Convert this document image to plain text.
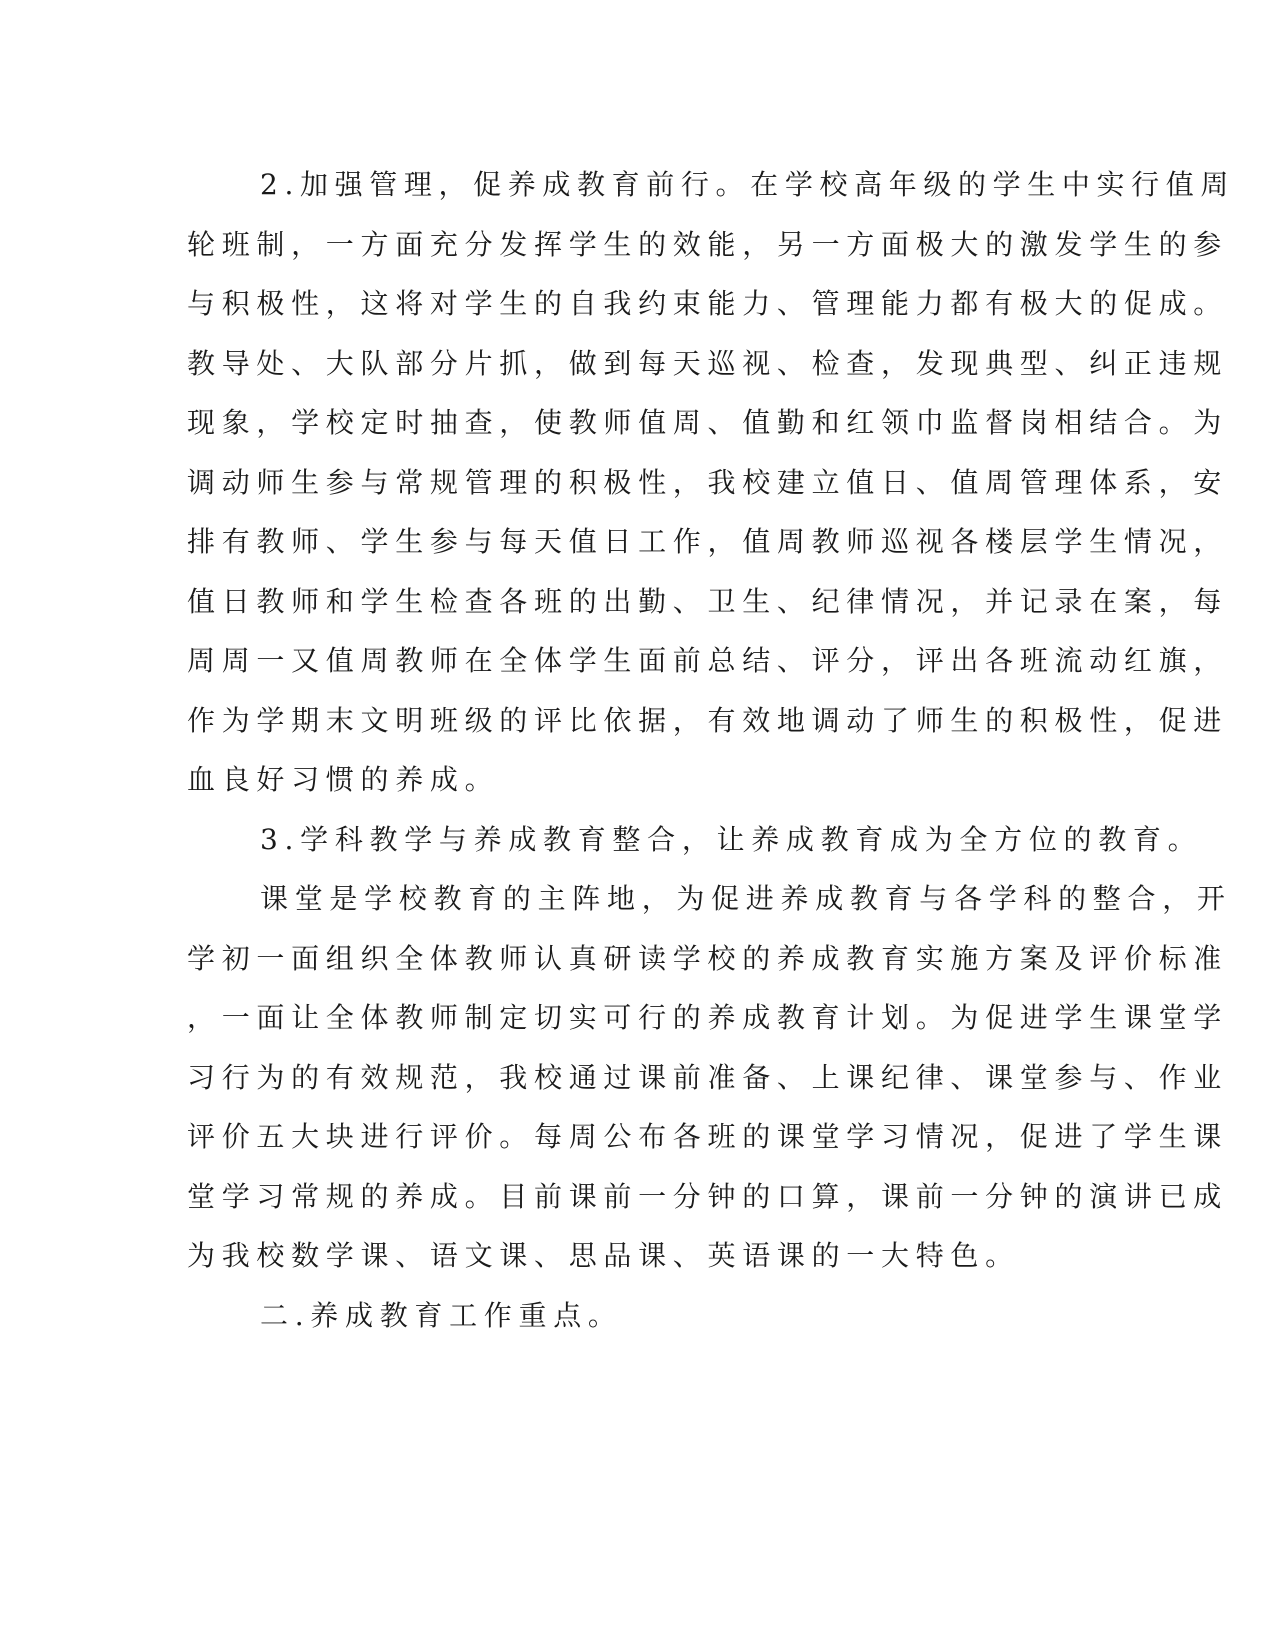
2.加强管理，促养成教育前行。在学校高年级的学生中实行值周
轮班制，一方面充分发挥学生的效能，另一方面极大的激发学生的参
与积极性，这将对学生的自我约束能力、管理能力都有极大的促成。
教导处、大队部分片抓，做到每天巡视、检查，发现典型、纠正违规
现象，学校定时抽查，使教师值周、值勤和红领巾监督岗相结合。为
调动师生参与常规管理的积极性，我校建立值日、值周管理体系，安
排有教师、学生参与每天值日工作，值周教师巡视各楼层学生情况，
值日教师和学生检查各班的出勤、卫生、纪律情况，并记录在案，每
周周一又值周教师在全体学生面前总结、评分，评出各班流动红旗，
作为学期末文明班级的评比依据，有效地调动了师生的积极性，促进
血良好习惯的养成。
3.学科教学与养成教育整合，让养成教育成为全方位的教育。
课堂是学校教育的主阵地，为促进养成教育与各学科的整合，开
学初一面组织全体教师认真研读学校的养成教育实施方案及评价标准
，一面让全体教师制定切实可行的养成教育计划。为促进学生课堂学
习行为的有效规范，我校通过课前准备、上课纪律、课堂参与、作业
评价五大块进行评价。每周公布各班的课堂学习情况，促进了学生课
堂学习常规的养成。目前课前一分钟的口算，课前一分钟的演讲已成
为我校数学课、语文课、思品课、英语课的一大特色。
二.养成教育工作重点。
